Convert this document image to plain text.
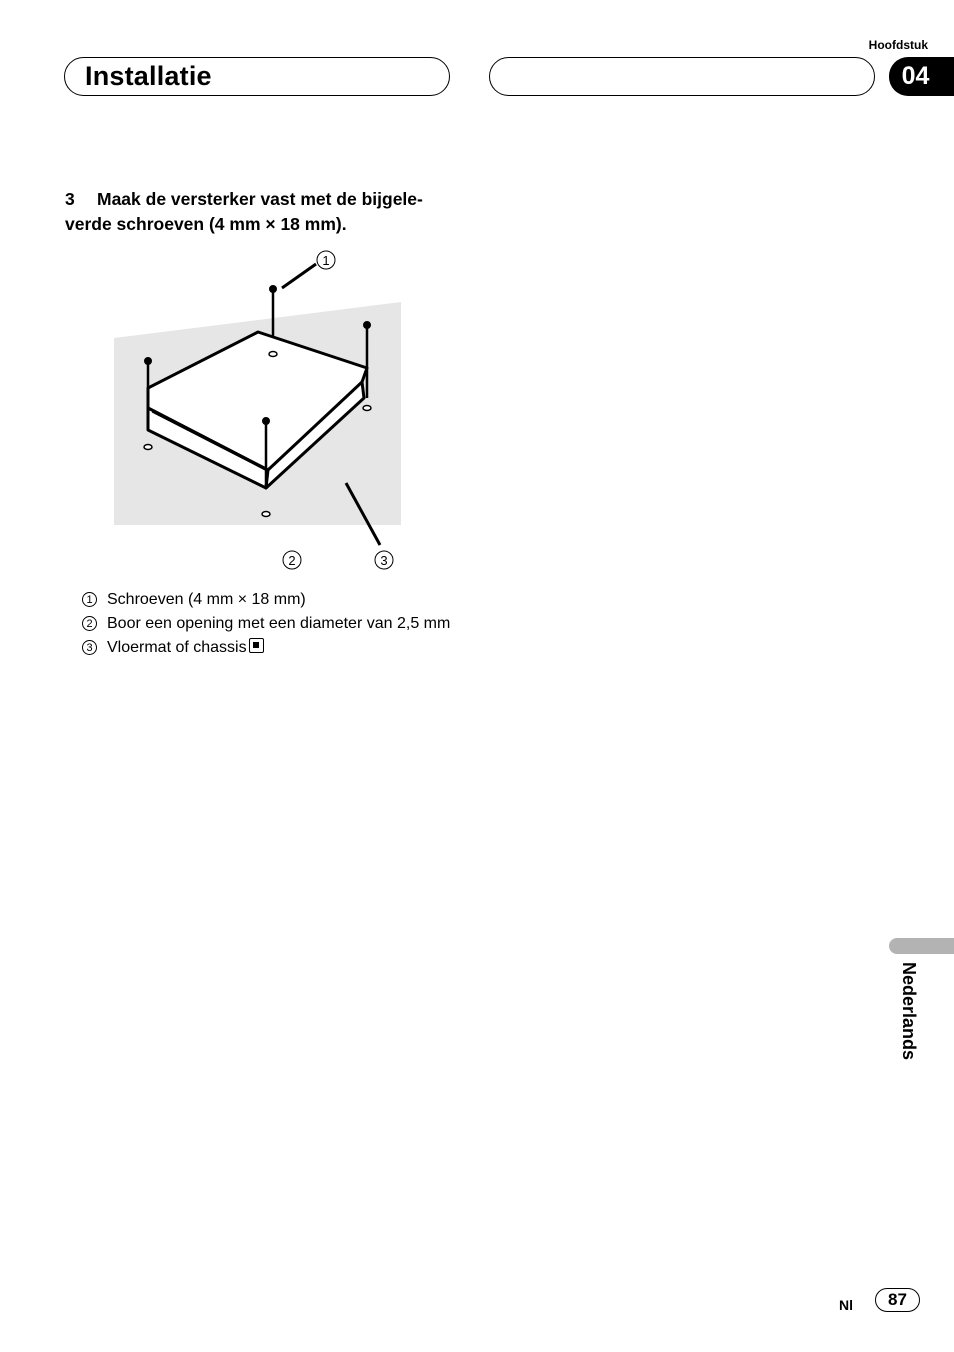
Hoofdstuk
04
Installatie
3 Maak de versterker vast met de bijgele-verde schroeven (4 mm × 18 mm).
1
2	3
1 Schroeven (4 mm × 18 mm)
2 Boor een opening met een diameter van 2,5 mm
3 Vloermat of chassis
Nederlands
Nl	87
